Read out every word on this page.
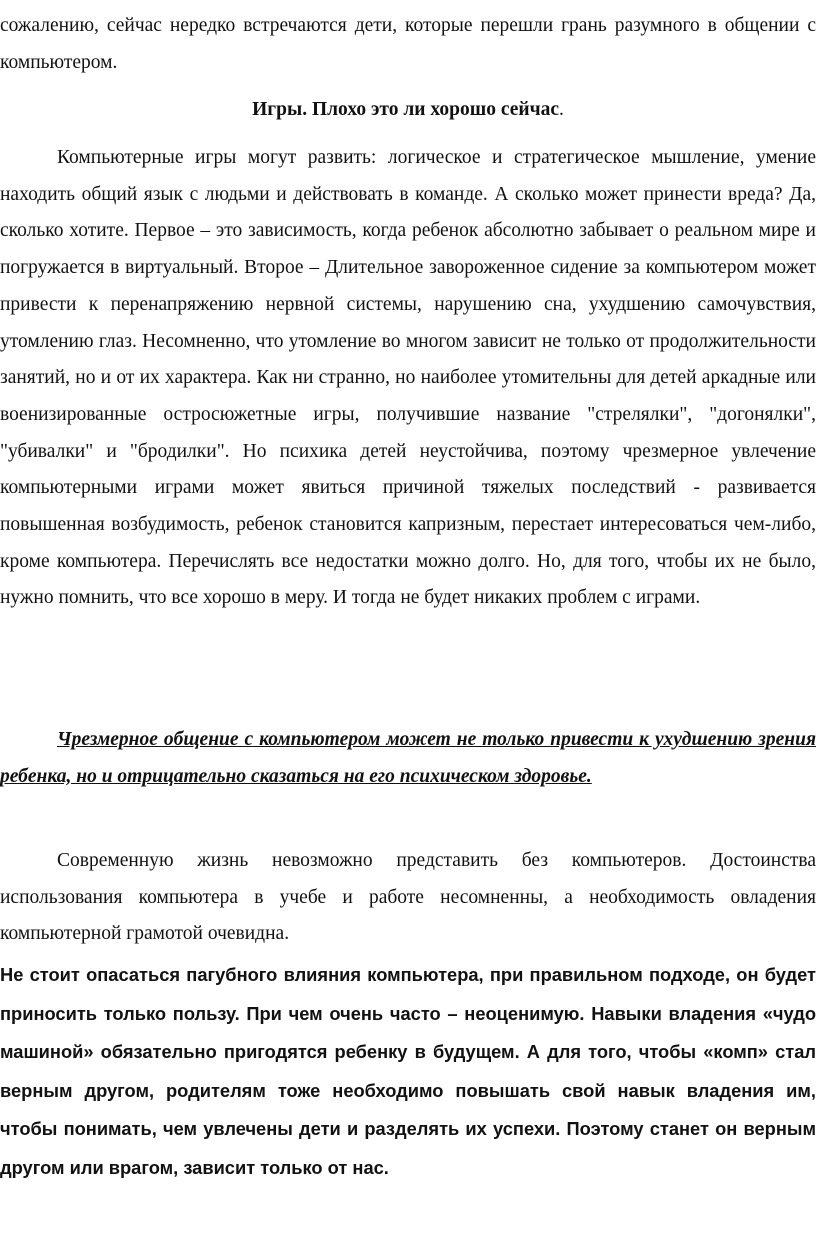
сожалению, сейчас нередко встречаются дети, которые перешли грань разумного в общении с компьютером.

Игры. Плохо это ли хорошо сейчас.

Компьютерные игры могут развить: логическое и стратегическое мышление, умение находить общий язык с людьми и действовать в команде. А сколько может принести вреда? Да, сколько хотите. Первое – это зависимость, когда ребенок абсолютно забывает о реальном мире и погружается в виртуальный. Второе – Длительное завороженное сидение за компьютером может привести к перенапряжению нервной системы, нарушению сна, ухудшению самочувствия, утомлению глаз. Несомненно, что утомление во многом зависит не только от продолжительности занятий, но и от их характера. Как ни странно, но наиболее утомительны для детей аркадные или военизированные остросюжетные игры, получившие название "стрелялки", "догонялки", "убивалки" и "бродилки". Но психика детей неустойчива, поэтому чрезмерное увлечение компьютерными играми может явиться причиной тяжелых последствий - развивается повышенная возбудимость, ребенок становится капризным, перестает интересоваться чем-либо, кроме компьютера. Перечислять все недостатки можно долго. Но, для того, чтобы их не было, нужно помнить, что все хорошо в меру. И тогда не будет никаких проблем с играми.

Чрезмерное общение с компьютером может не только привести к ухудшению зрения ребенка, но и отрицательно сказаться на его психическом здоровье.

Современную жизнь невозможно представить без компьютеров. Достоинства использования компьютера в учебе и работе несомненны, а необходимость овладения компьютерной грамотой очевидна.

Не стоит опасаться пагубного влияния компьютера, при правильном подходе, он будет приносить только пользу. При чем очень часто – неоценимую. Навыки владения «чудо машиной» обязательно пригодятся ребенку в будущем. А для того, чтобы «комп» стал верным другом, родителям тоже необходимо повышать свой навык владения им, чтобы понимать, чем увлечены дети и разделять их успехи. Поэтому станет он верным другом или врагом, зависит только от нас.
